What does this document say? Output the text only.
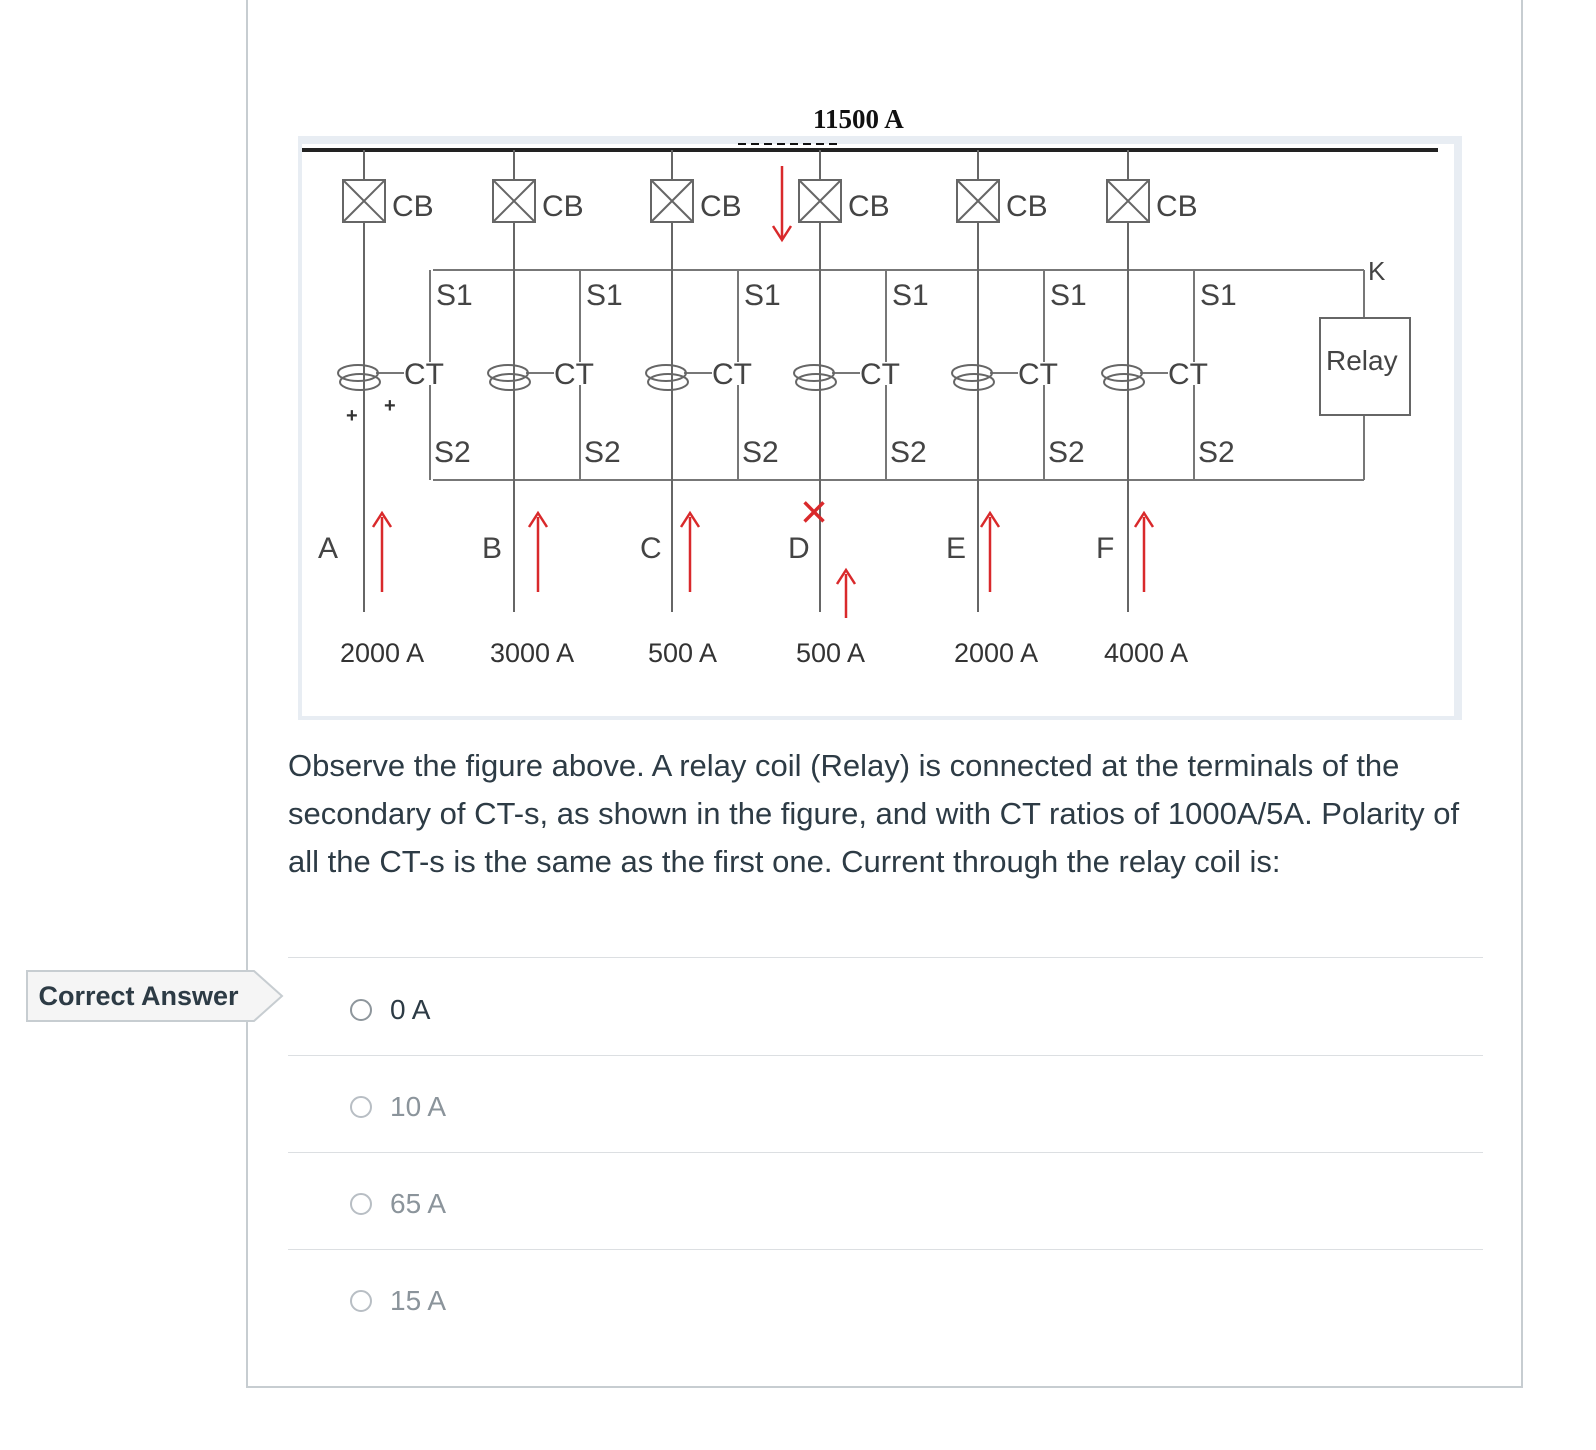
11500 A
Relay
K
CB
S1
S2
CT
A
2000 A
CB
S1
S2
CT
B
3000 A
CB
S1
S2
CT
C
500 A
CB
S1
S2
CT
D
500 A
CB
S1
S2
CT
E
2000 A
CB
S1
S2
CT
F
4000 A
×
+ +

Observe the figure above. A relay coil (Relay) is connected at the terminals of the secondary of CT-s, as shown in the figure, and with CT ratios of 1000A/5A. Polarity of all the CT-s is the same as the first one. Current through the relay coil is:

Correct Answer	0 A
10 A
65 A
15 A
